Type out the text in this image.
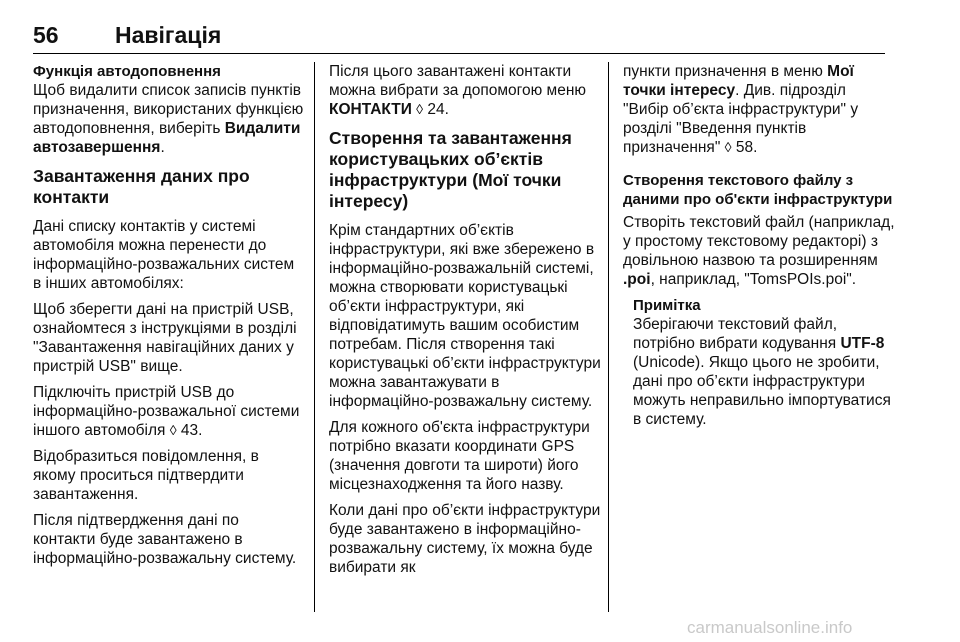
56 Навігація
Функція автодоповнення

Щоб видалити список записів пунктів призначення, використаних функцією автодоповнення, виберіть Видалити автозавершення.

Завантаження даних про контакти

Дані списку контактів у системі автомобіля можна перенести до інформаційно-розважальних систем в інших автомобілях:

Щоб зберегти дані на пристрій USB, ознайомтеся з інструкціями в розділі "Завантаження навігаційних даних у пристрій USB" вище.

Підключіть пристрій USB до інформаційно-розважальної системи іншого автомобіля ◊ 43.

Відобразиться повідомлення, в якому проситься підтвердити завантаження.

Після підтвердження дані по контакти буде завантажено в інформаційно-розважальну систему.

Після цього завантажені контакти можна вибрати за допомогою меню КОНТАКТИ ◊ 24.

Створення та завантаження користувацьких об’єктів інфраструктури (Мої точки інтересу)

Крім стандартних об’єктів інфраструктури, які вже збережено в інформаційно-розважальній системі, можна створювати користувацькі об’єкти інфраструктури, які відповідатимуть вашим особистим потребам. Після створення такі користувацькі об’єкти інфраструктури можна завантажувати в інформаційно-розважальну систему.

Для кожного об'єкта інфраструктури потрібно вказати координати GPS (значення довготи та широти) його місцезнаходження та його назву.

Коли дані про об’єкти інфраструктури буде завантажено в інформаційно-розважальну систему, їх можна буде вибирати як

пункти призначення в меню Мої точки інтересу. Див. підрозділ "Вибір об’єкта інфраструктури" у розділі "Введення пунктів призначення" ◊ 58.

Створення текстового файлу з даними про об'єкти інфраструктури

Створіть текстовий файл (наприклад, у простому текстовому редакторі) з довільною назвою та розширенням .poi, наприклад, "TomsPOIs.poi".

Примітка

Зберігаючи текстовий файл, потрібно вибрати кодування UTF-8 (Unicode). Якщо цього не зробити, дані про об’єкти інфраструктури можуть неправильно імпортуватися в систему.

carmanualsonline.info
